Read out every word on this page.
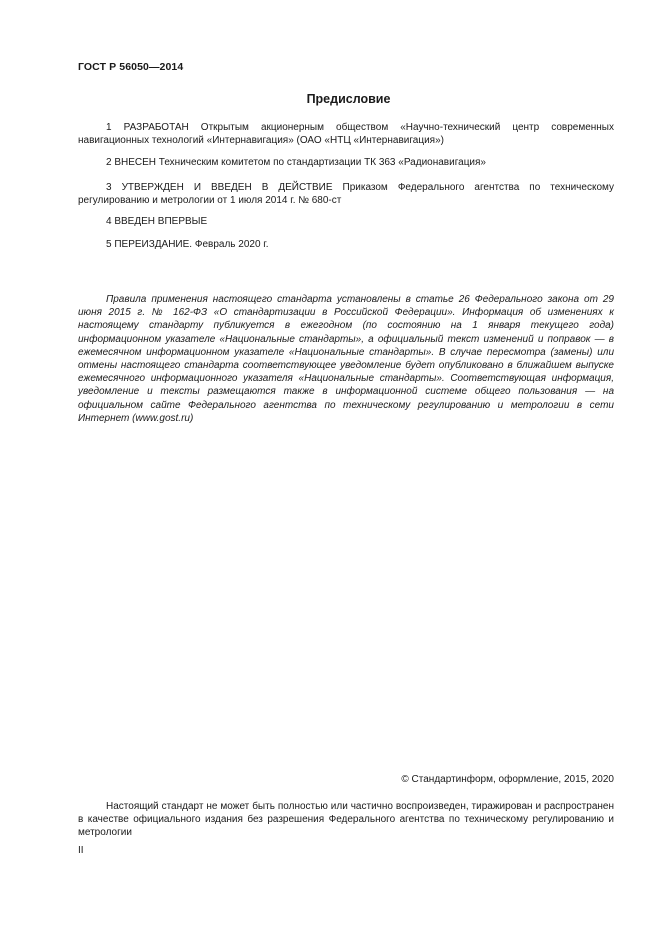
ГОСТ Р 56050—2014
Предисловие

1 РАЗРАБОТАН Открытым акционерным обществом «Научно-технический центр современных навигационных технологий «Интернавигация» (ОАО «НТЦ «Интернавигация»)

2 ВНЕСЕН Техническим комитетом по стандартизации ТК 363 «Радионавигация»

3 УТВЕРЖДЕН И ВВЕДЕН В ДЕЙСТВИЕ Приказом Федерального агентства по техническому регулированию и метрологии от 1 июля 2014 г. № 680-ст

4 ВВЕДЕН ВПЕРВЫЕ

5 ПЕРЕИЗДАНИЕ. Февраль 2020 г.

Правила применения настоящего стандарта установлены в статье 26 Федерального закона от 29 июня 2015 г. № 162-ФЗ «О стандартизации в Российской Федерации». Информация об изменениях к настоящему стандарту публикуется в ежегодном (по состоянию на 1 января текущего года) информационном указателе «Национальные стандарты», а официальный текст изменений и поправок — в ежемесячном информационном указателе «Национальные стандарты». В случае пересмотра (замены) или отмены настоящего стандарта соответствующее уведомление будет опубликовано в ближайшем выпуске ежемесячного информационного указателя «Национальные стандарты». Соответствующая информация, уведомление и тексты размещаются также в информационной системе общего пользования — на официальном сайте Федерального агентства по техническому регулированию и метрологии в сети Интернет (www.gost.ru)

© Стандартинформ, оформление, 2015, 2020

Настоящий стандарт не может быть полностью или частично воспроизведен, тиражирован и распространен в качестве официального издания без разрешения Федерального агентства по техническому регулированию и метрологии

II
